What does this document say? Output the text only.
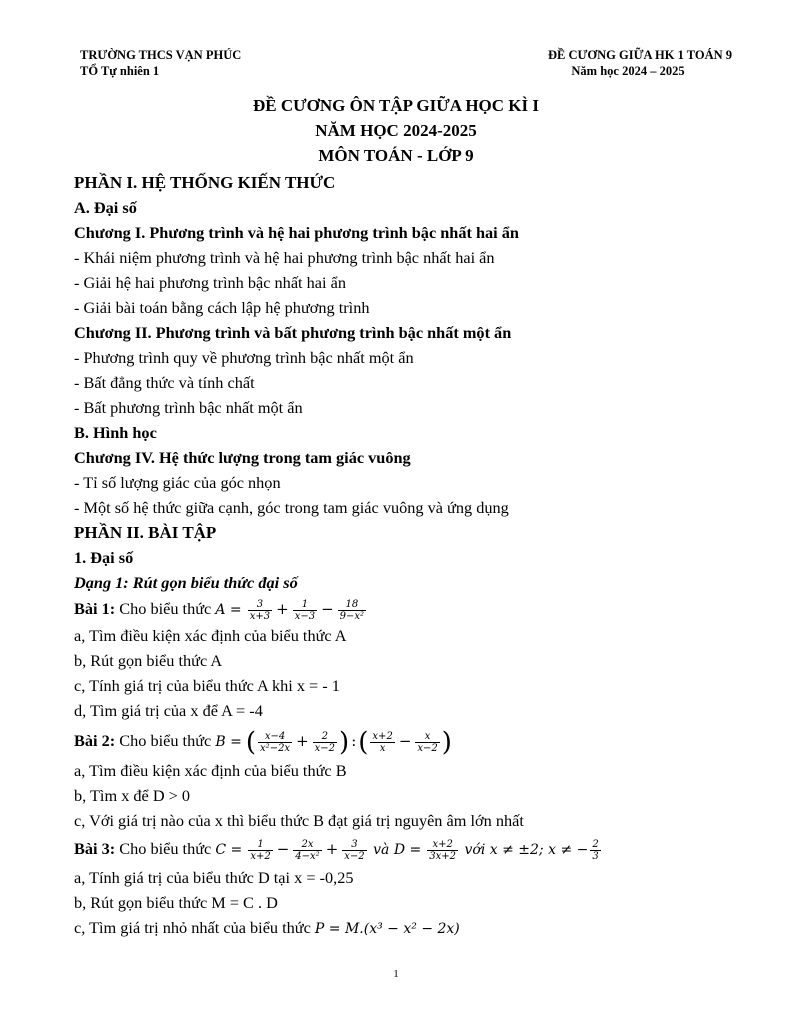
TRƯỜNG THCS VẠN PHÚC
TỔ Tự nhiên 1
ĐỀ CƯƠNG GIỮA HK 1 TOÁN 9
Năm học 2024 – 2025
ĐỀ CƯƠNG ÔN TẬP GIỮA HỌC KÌ I
NĂM HỌC 2024-2025
MÔN TOÁN - LỚP 9
PHẦN I. HỆ THỐNG KIẾN THỨC
A. Đại số
Chương I. Phương trình và hệ hai phương trình bậc nhất hai ẩn
- Khái niệm phương trình và hệ hai phương trình bậc nhất hai ẩn
- Giải hệ hai phương trình bậc nhất hai ẩn
- Giải bài toán bằng cách lập hệ phương trình
Chương II. Phương trình và bất phương trình bậc nhất một ẩn
- Phương trình quy về phương trình bậc nhất một ẩn
- Bất đẳng thức và tính chất
- Bất phương trình bậc nhất một ẩn
B. Hình học
Chương IV. Hệ thức lượng trong tam giác vuông
- Tỉ số lượng giác của góc nhọn
- Một số hệ thức giữa cạnh, góc trong tam giác vuông và ứng dụng
PHẦN II. BÀI TẬP
1. Đại số
Dạng 1: Rút gọn biểu thức đại số
Bài 1: Cho biểu thức $A = \frac{3}{x+3} + \frac{1}{x-3} - \frac{18}{\text{9−x²}}$
a, Tìm điều kiện xác định của biểu thức A
b, Rút gọn biểu thức A
c, Tính giá trị của biểu thức A khi x = - 1
d, Tìm giá trị của x để A = -4
Bài 2: Cho biểu thức B = ( $\frac{x-4}{\text{x²−2x}} + \frac{2}{x-2}$ ) :( $\frac{x+2}{x} - \frac{x}{x-2}$ )
a, Tìm điều kiện xác định của biểu thức B
b, Tìm x để D > 0
c, Với giá trị nào của x thì biểu thức B đạt giá trị nguyên âm lớn nhất
Bài 3: Cho biểu thức $C = \frac{1}{x+2} - \frac{2x}{\text{4−x²}} + \frac{3}{x-2}$ và $D = \frac{x+2}{3x+2}$ với x ≠ ±2; x ≠ − $\frac{2}{3}$
a, Tính giá trị của biểu thức D tại x = -0,25
b, Rút gọn biểu thức M = C . D
c, Tìm giá trị nhỏ nhất của biểu thức P = M.(x³ − x² − 2x)
1
